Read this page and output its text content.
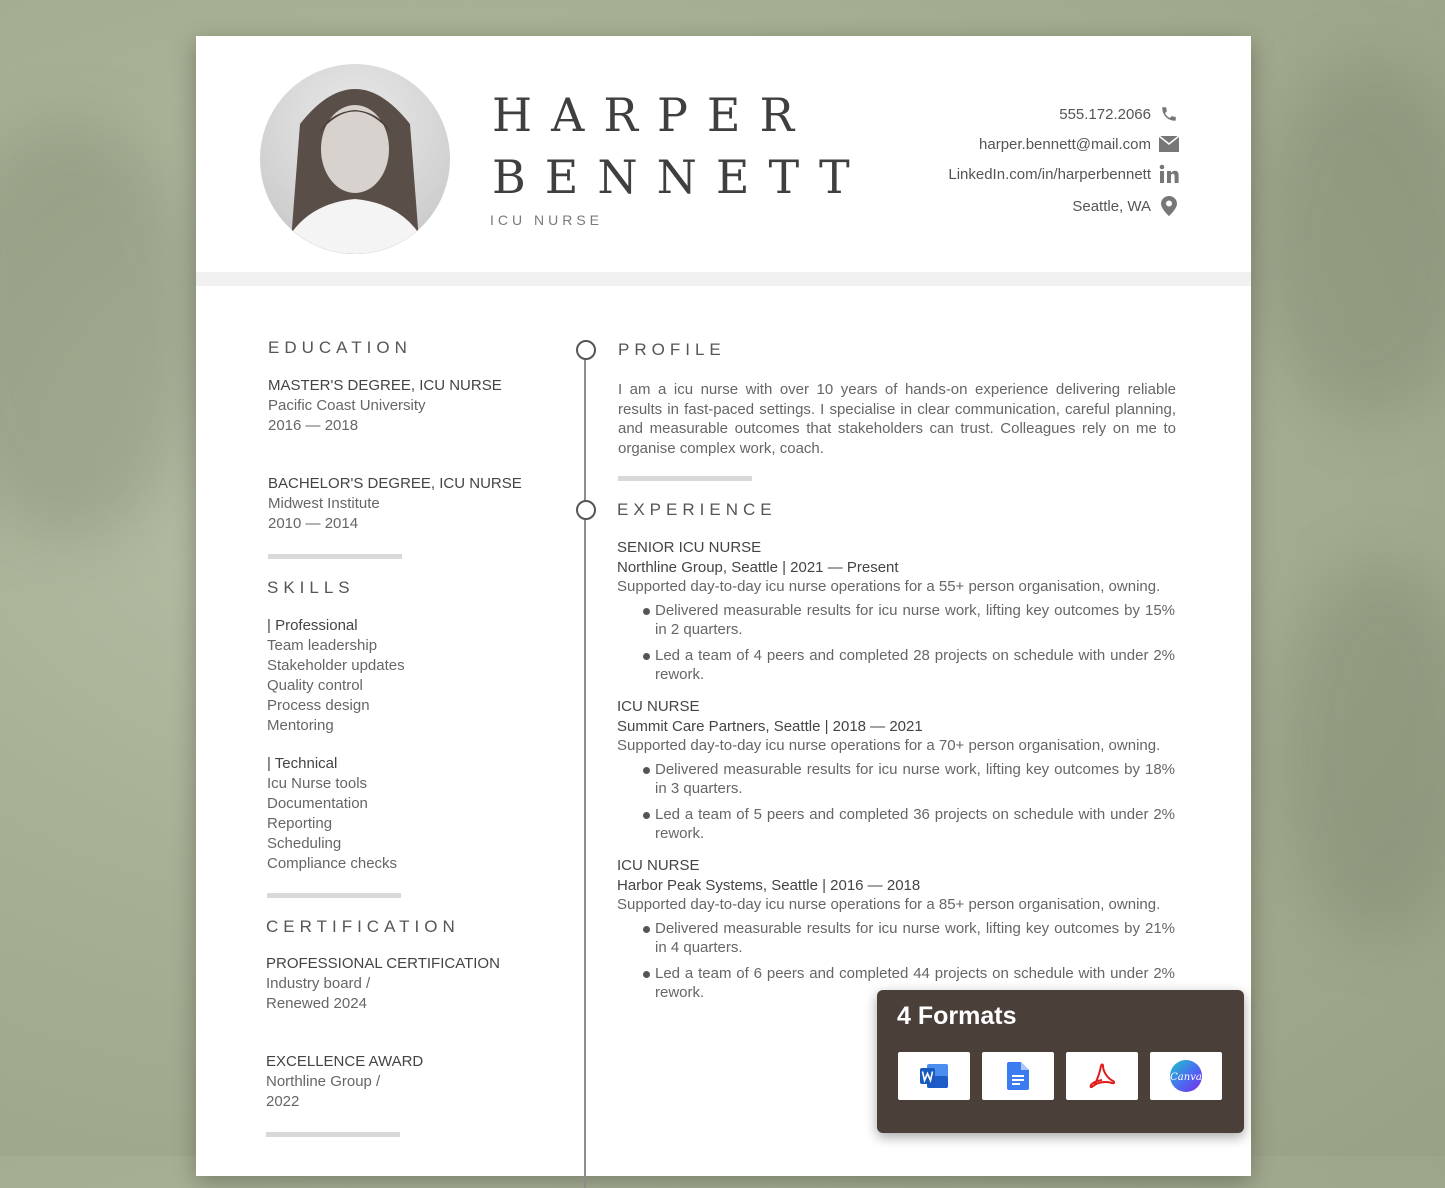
HARPER
BENNETT
ICU NURSE
555.172.2066
harper.bennett@mail.com
LinkedIn.com/in/harperbennett
Seattle, WA
EDUCATION
MASTER'S DEGREE, ICU NURSE
Pacific Coast University
2016 — 2018
BACHELOR'S DEGREE, ICU NURSE
Midwest Institute
2010 — 2014
SKILLS
| Professional
Team leadership
Stakeholder updates
Quality control
Process design
Mentoring
| Technical
Icu Nurse tools
Documentation
Reporting
Scheduling
Compliance checks
CERTIFICATION
PROFESSIONAL CERTIFICATION
Industry board /
Renewed 2024
EXCELLENCE AWARD
Northline Group /
2022
PROFILE

I am a icu nurse with over 10 years of hands-on experience delivering reliable results in fast-paced settings. I specialise in clear communication, careful planning, and measurable outcomes that stakeholders can trust. Colleagues rely on me to organise complex work, coach.

EXPERIENCE
SENIOR ICU NURSE
Northline Group, Seattle | 2021 — Present
Supported day-to-day icu nurse operations for a 55+ person organisation, owning.
Delivered measurable results for icu nurse work, lifting key outcomes by 15% in 2 quarters.
Led a team of 4 peers and completed 28 projects on schedule with under 2% rework.
ICU NURSE
Summit Care Partners, Seattle | 2018 — 2021
Supported day-to-day icu nurse operations for a 70+ person organisation, owning.
Delivered measurable results for icu nurse work, lifting key outcomes by 18% in 3 quarters.
Led a team of 5 peers and completed 36 projects on schedule with under 2% rework.
ICU NURSE
Harbor Peak Systems, Seattle | 2016 — 2018
Supported day-to-day icu nurse operations for a 85+ person organisation, owning.
Delivered measurable results for icu nurse work, lifting key outcomes by 21% in 4 quarters.
Led a team of 6 peers and completed 44 projects on schedule with under 2% rework.
4 Formats
Canva
